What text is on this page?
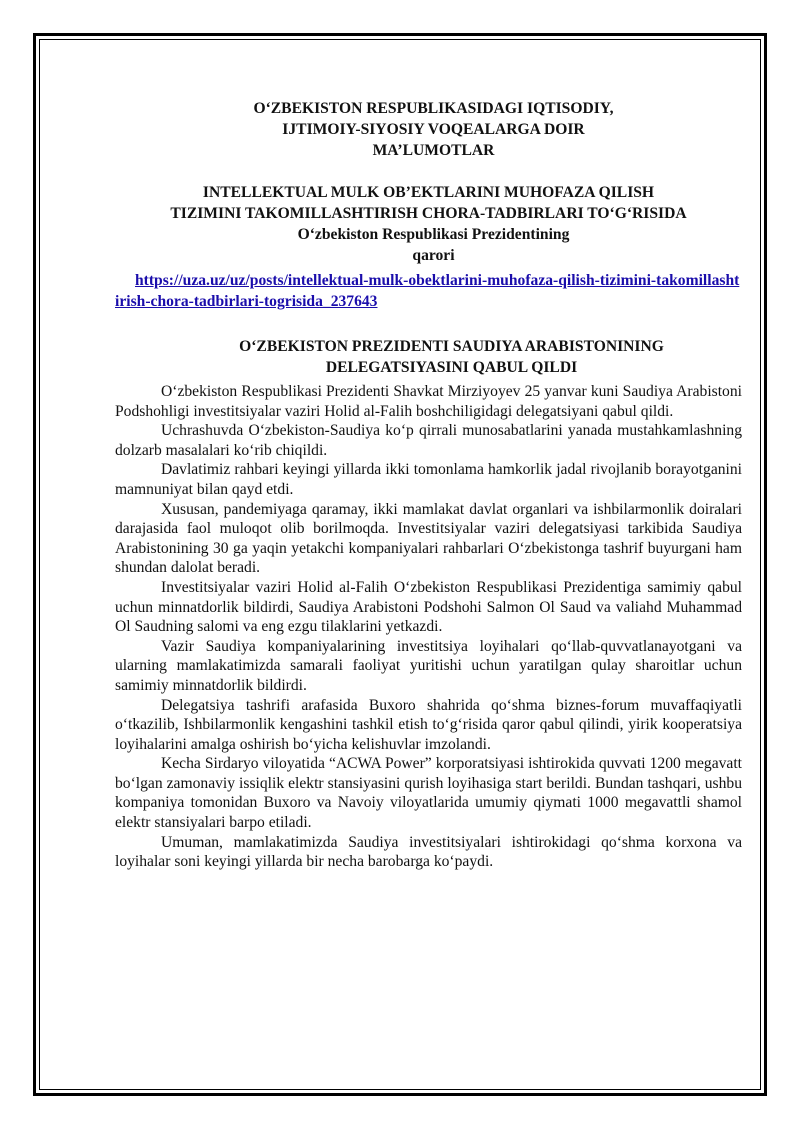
O‘ZBEKISTON RESPUBLIKASIDAGI IQTISODIY,
IJTIMOIY-SIYOSIY VOQEALARGA DOIR
MA’LUMOTLAR
INTELLEKTUAL MULK OB’EKTLARINI MUHOFAZA QILISH
TIZIMINI TAKOMILLASHTIRISH CHORA-TADBIRLARI TO‘G‘RISIDA
O‘zbekiston Respublikasi Prezidentining
qarori
https://uza.uz/uz/posts/intellektual-mulk-obektlarini-muhofaza-qilish-tizimini-takomillashtirish-chora-tadbirlari-togrisida_237643
O‘ZBEKISTON PREZIDENTI SAUDIYA ARABISTONINING
DELEGATSIYASINI QABUL QILDI

O‘zbekiston Respublikasi Prezidenti Shavkat Mirziyoyev 25 yanvar kuni Saudiya Arabistoni Podshohligi investitsiyalar vaziri Holid al-Falih boshchiligidagi delegatsiyani qabul qildi.

Uchrashuvda O‘zbekiston-Saudiya ko‘p qirrali munosabatlarini yanada mustahkamlashning dolzarb masalalari ko‘rib chiqildi.

Davlatimiz rahbari keyingi yillarda ikki tomonlama hamkorlik jadal rivojlanib borayotganini mamnuniyat bilan qayd etdi.

Xususan, pandemiyaga qaramay, ikki mamlakat davlat organlari va ishbilarmonlik doiralari darajasida faol muloqot olib borilmoqda. Investitsiyalar vaziri delegatsiyasi tarkibida Saudiya Arabistonining 30 ga yaqin yetakchi kompaniyalari rahbarlari O‘zbekistonga tashrif buyurgani ham shundan dalolat beradi.

Investitsiyalar vaziri Holid al-Falih O‘zbekiston Respublikasi Prezidentiga samimiy qabul uchun minnatdorlik bildirdi, Saudiya Arabistoni Podshohi Salmon Ol Saud va valiahd Muhammad Ol Saudning salomi va eng ezgu tilaklarini yetkazdi.

Vazir Saudiya kompaniyalarining investitsiya loyihalari qo‘llab-quvvatlanayotgani va ularning mamlakatimizda samarali faoliyat yuritishi uchun yaratilgan qulay sharoitlar uchun samimiy minnatdorlik bildirdi.

Delegatsiya tashrifi arafasida Buxoro shahrida qo‘shma biznes-forum muvaffaqiyatli o‘tkazilib, Ishbilarmonlik kengashini tashkil etish to‘g‘risida qaror qabul qilindi, yirik kooperatsiya loyihalarini amalga oshirish bo‘yicha kelishuvlar imzolandi.

Kecha Sirdaryo viloyatida “ACWA Power” korporatsiyasi ishtirokida quvvati 1200 megavatt bo‘lgan zamonaviy issiqlik elektr stansiyasini qurish loyihasiga start berildi. Bundan tashqari, ushbu kompaniya tomonidan Buxoro va Navoiy viloyatlarida umumiy qiymati 1000 megavattli shamol elektr stansiyalari barpo etiladi.

Umuman, mamlakatimizda Saudiya investitsiyalari ishtirokidagi qo‘shma korxona va loyihalar soni keyingi yillarda bir necha barobarga ko‘paydi.
